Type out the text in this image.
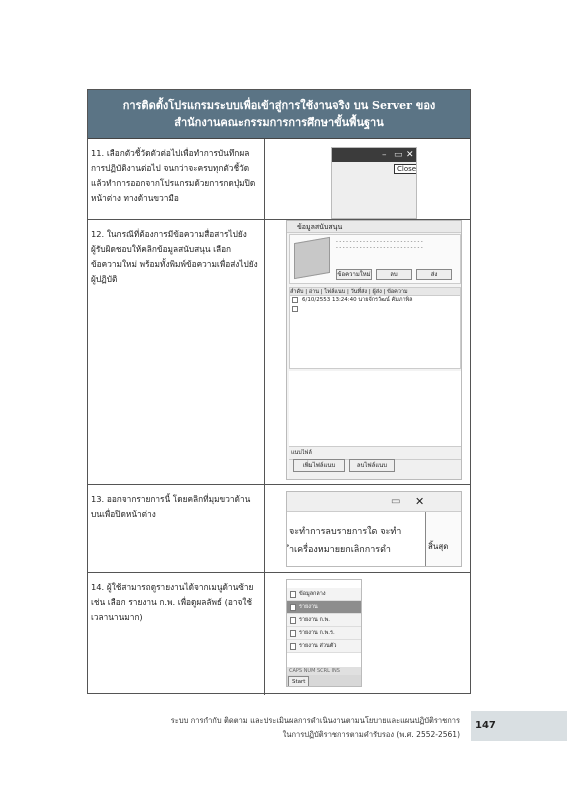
การติดตั้งโปรแกรมระบบเพื่อเข้าสู่การใช้งานจริง บน Server ของ
สำนักงานคณะกรรมการการศึกษาขั้นพื้นฐาน
11. เลือกตัวชี้วัดตัวต่อไปเพื่อทำการบันทึกผลการปฏิบัติงานต่อไป จนกว่าจะครบทุกตัวชี้วัด แล้วทำการออกจากโปรแกรมด้วยการกดปุ่มปิดหน้าต่าง ทางด้านขวามือ
– ▭ ✕
Close
12. ในกรณีที่ต้องการมีข้อความสื่อสารไปยังผู้รับผิดชอบให้คลิกข้อมูลสนับสนุน เลือกข้อความใหม่ พร้อมทั้งพิมพ์ข้อความเพื่อส่งไปยังผู้ปฏิบัติ
ข้อมูลสนับสนุน
- - - - - - - - - - - - - - - - - - - - - - - - - -
- - - - - - - - - - - - - - - - - - - - - - - - - -
ข้อความใหม่	ลบ	ส่ง
ลำดับ | อ่าน | ไฟล์แนบ | วันที่ส่ง | ผู้ส่ง | ข้อความ
6/10/2553 13:24:40 นายจักรวัฒน์ คัมภาพิล
แนบไฟล์
เพิ่มไฟล์แนบ	ลบไฟล์แนบ
13. ออกจากรายการนี้ โดยคลิกที่มุมขวาด้านบนเพื่อปิดหน้าต่าง
▭ ✕
จะทำการลบรายการใด จะทำ
ำเครื่องหมายยกเลิกการดำ	สิ้นสุด
14. ผู้ใช้สามารถดูรายงานได้จากเมนูด้านซ้าย เช่น เลือก รายงาน ก.พ. เพื่อดูผลลัพธ์ (อาจใช้เวลานานมาก)
ข้อมูลกลาง
รายงาน
รายงาน ก.พ.
รายงาน ก.พ.ร.
รายงาน ส่วนตัว
CAPS NUM SCRL INS
Start
ระบบ การกำกับ ติดตาม และประเมินผลการดำเนินงานตามนโยบายและแผนปฏิบัติราชการ
ในการปฏิบัติราชการตามคำรับรอง (พ.ศ. 2552-2561)
147
